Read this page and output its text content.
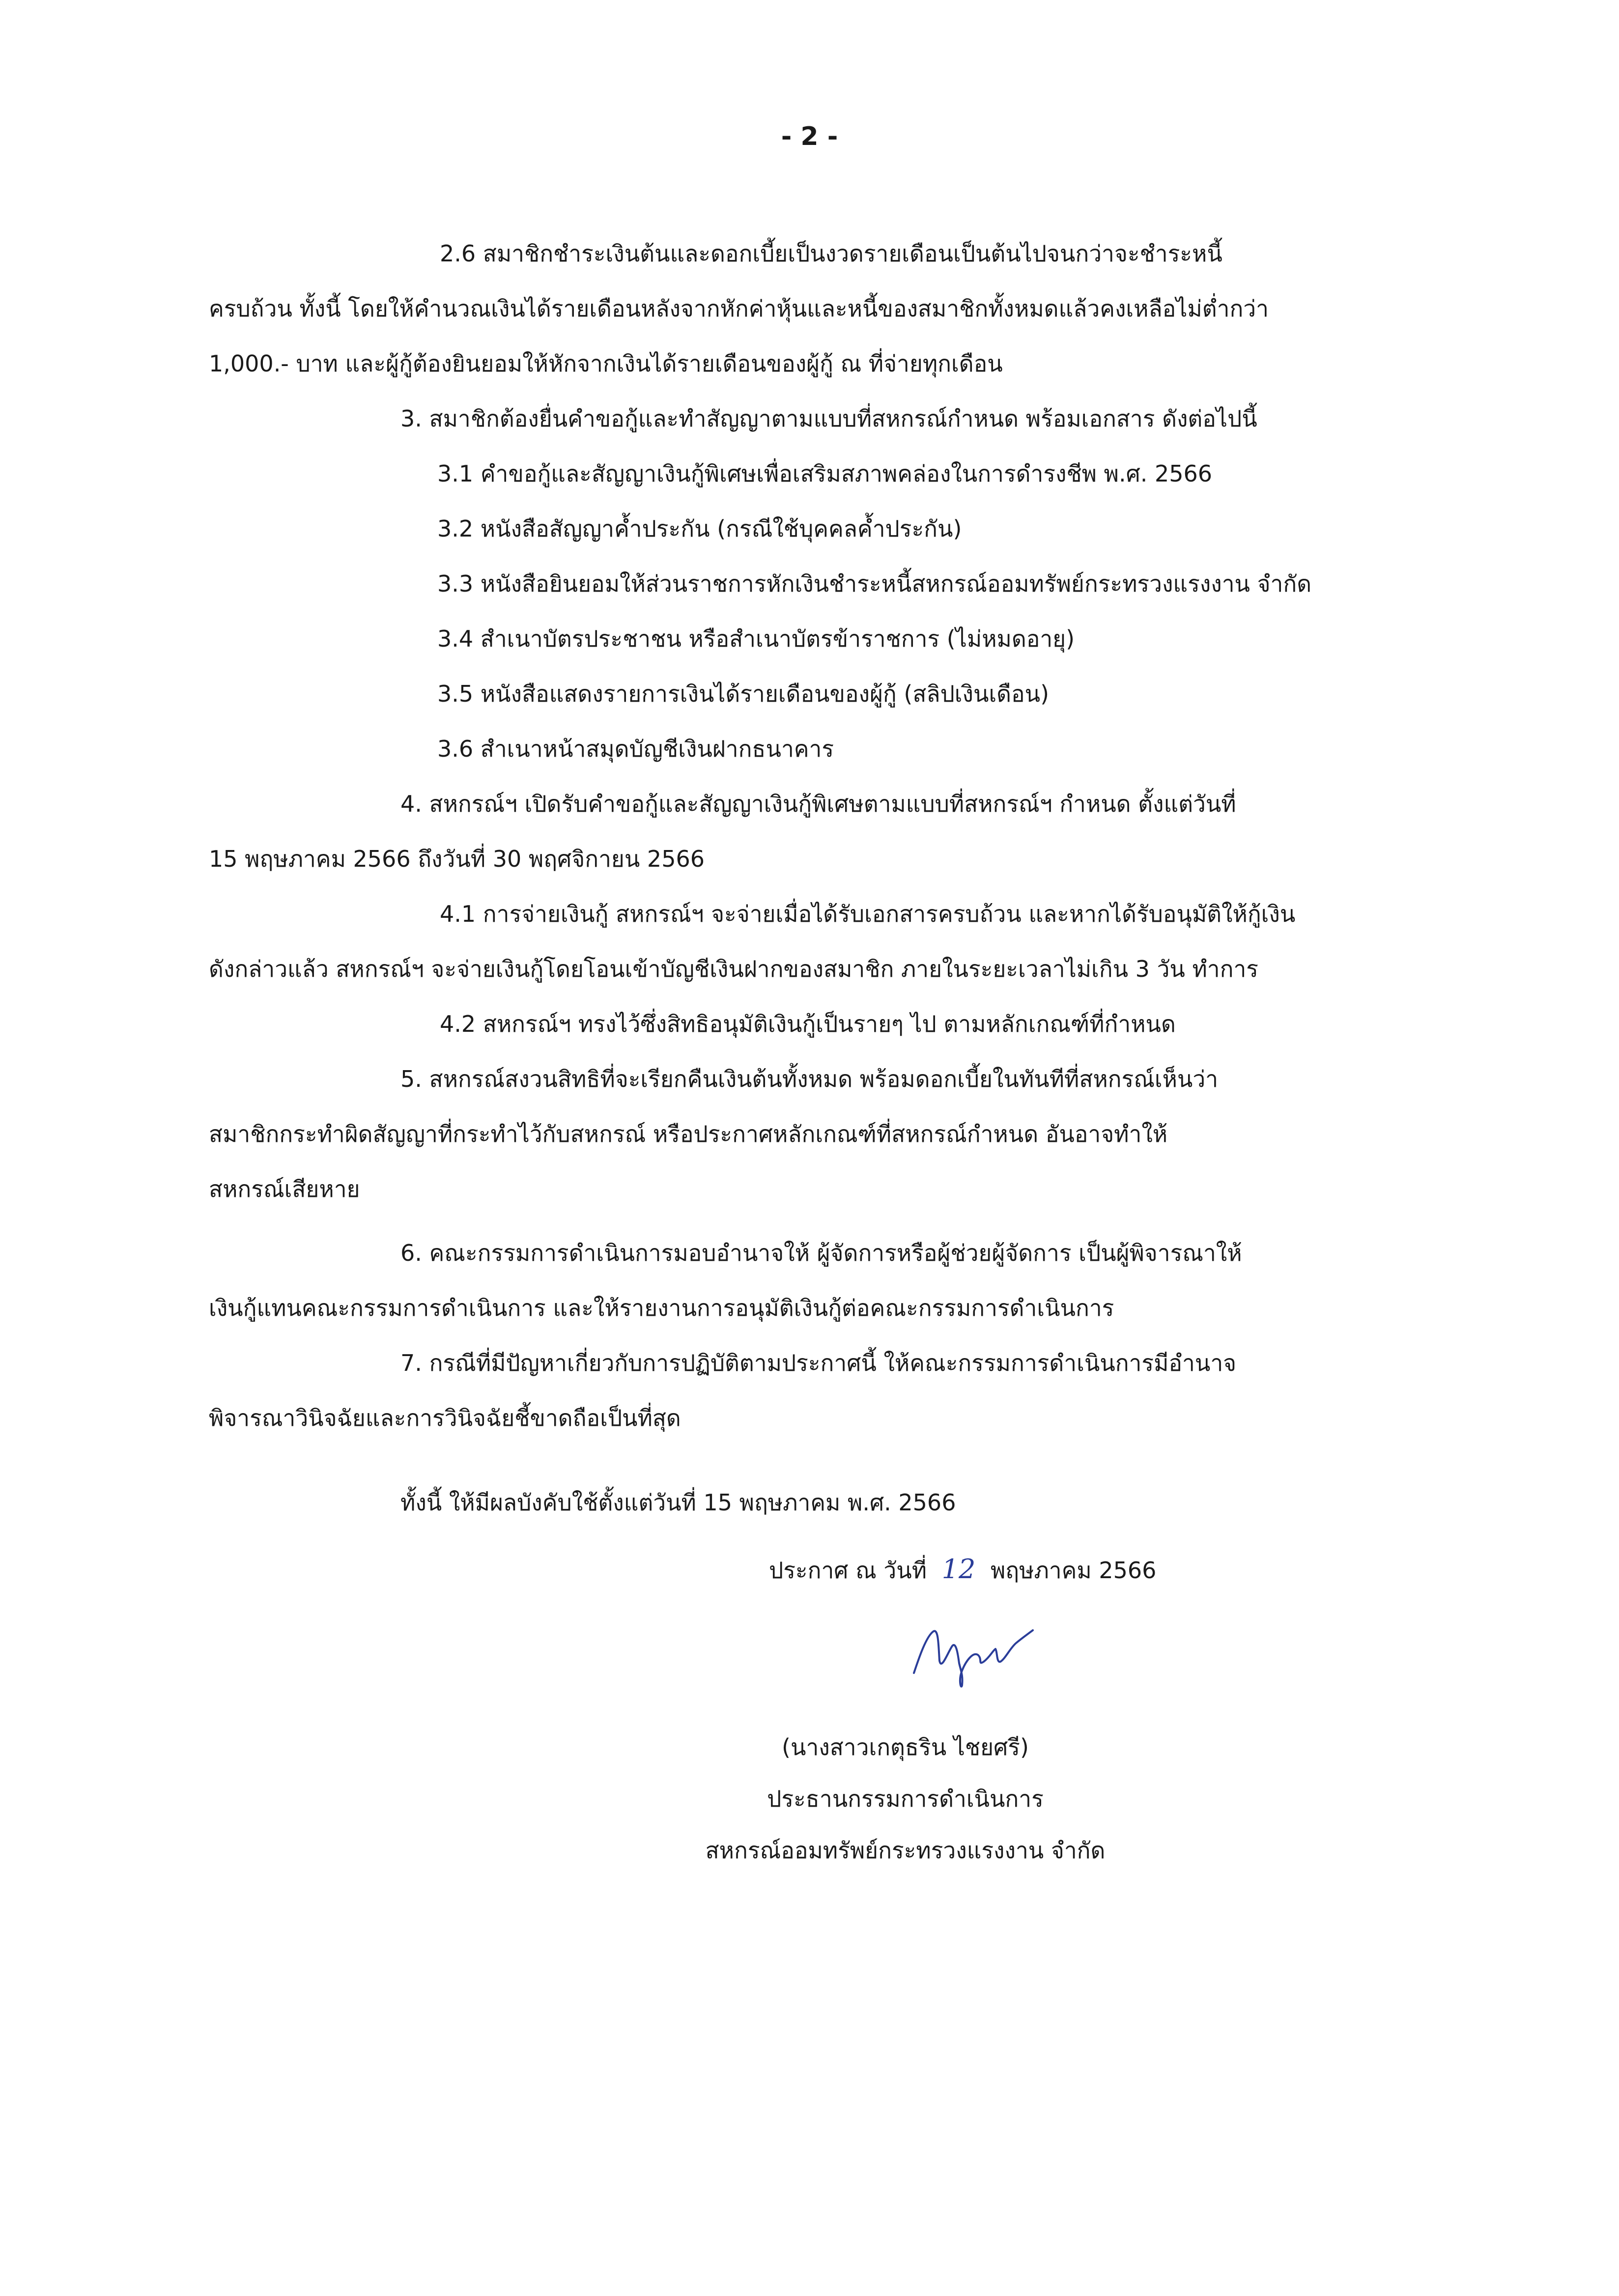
- 2 -
2.6 สมาชิกชำระเงินต้นและดอกเบี้ยเป็นงวดรายเดือนเป็นต้นไปจนกว่าจะชำระหนี้
ครบถ้วน ทั้งนี้ โดยให้คำนวณเงินได้รายเดือนหลังจากหักค่าหุ้นและหนี้ของสมาชิกทั้งหมดแล้วคงเหลือไม่ต่ำกว่า
1,000.- บาท และผู้กู้ต้องยินยอมให้หักจากเงินได้รายเดือนของผู้กู้ ณ ที่จ่ายทุกเดือน
3. สมาชิกต้องยื่นคำขอกู้และทำสัญญาตามแบบที่สหกรณ์กำหนด พร้อมเอกสาร ดังต่อไปนี้
3.1 คำขอกู้และสัญญาเงินกู้พิเศษเพื่อเสริมสภาพคล่องในการดำรงชีพ พ.ศ. 2566
3.2 หนังสือสัญญาค้ำประกัน (กรณีใช้บุคคลค้ำประกัน)
3.3 หนังสือยินยอมให้ส่วนราชการหักเงินชำระหนี้สหกรณ์ออมทรัพย์กระทรวงแรงงาน จำกัด
3.4 สำเนาบัตรประชาชน หรือสำเนาบัตรข้าราชการ (ไม่หมดอายุ)
3.5 หนังสือแสดงรายการเงินได้รายเดือนของผู้กู้ (สลิปเงินเดือน)
3.6 สำเนาหน้าสมุดบัญชีเงินฝากธนาคาร
4. สหกรณ์ฯ เปิดรับคำขอกู้และสัญญาเงินกู้พิเศษตามแบบที่สหกรณ์ฯ กำหนด ตั้งแต่วันที่
15 พฤษภาคม 2566 ถึงวันที่ 30 พฤศจิกายน 2566
4.1 การจ่ายเงินกู้ สหกรณ์ฯ จะจ่ายเมื่อได้รับเอกสารครบถ้วน และหากได้รับอนุมัติให้กู้เงิน
ดังกล่าวแล้ว สหกรณ์ฯ จะจ่ายเงินกู้โดยโอนเข้าบัญชีเงินฝากของสมาชิก ภายในระยะเวลาไม่เกิน 3 วัน ทำการ
4.2 สหกรณ์ฯ ทรงไว้ซึ่งสิทธิอนุมัติเงินกู้เป็นรายๆ ไป ตามหลักเกณฑ์ที่กำหนด
5. สหกรณ์สงวนสิทธิที่จะเรียกคืนเงินต้นทั้งหมด พร้อมดอกเบี้ยในทันทีที่สหกรณ์เห็นว่า
สมาชิกกระทำผิดสัญญาที่กระทำไว้กับสหกรณ์ หรือประกาศหลักเกณฑ์ที่สหกรณ์กำหนด อันอาจทำให้
สหกรณ์เสียหาย
6. คณะกรรมการดำเนินการมอบอำนาจให้ ผู้จัดการหรือผู้ช่วยผู้จัดการ เป็นผู้พิจารณาให้
เงินกู้แทนคณะกรรมการดำเนินการ และให้รายงานการอนุมัติเงินกู้ต่อคณะกรรมการดำเนินการ
7. กรณีที่มีปัญหาเกี่ยวกับการปฏิบัติตามประกาศนี้ ให้คณะกรรมการดำเนินการมีอำนาจ
พิจารณาวินิจฉัยและการวินิจฉัยชี้ขาดถือเป็นที่สุด
ทั้งนี้ ให้มีผลบังคับใช้ตั้งแต่วันที่ 15 พฤษภาคม พ.ศ. 2566
ประกาศ ณ วันที่ 12 พฤษภาคม 2566
(นางสาวเกตุธริน ไชยศรี)
ประธานกรรมการดำเนินการ
สหกรณ์ออมทรัพย์กระทรวงแรงงาน จำกัด
